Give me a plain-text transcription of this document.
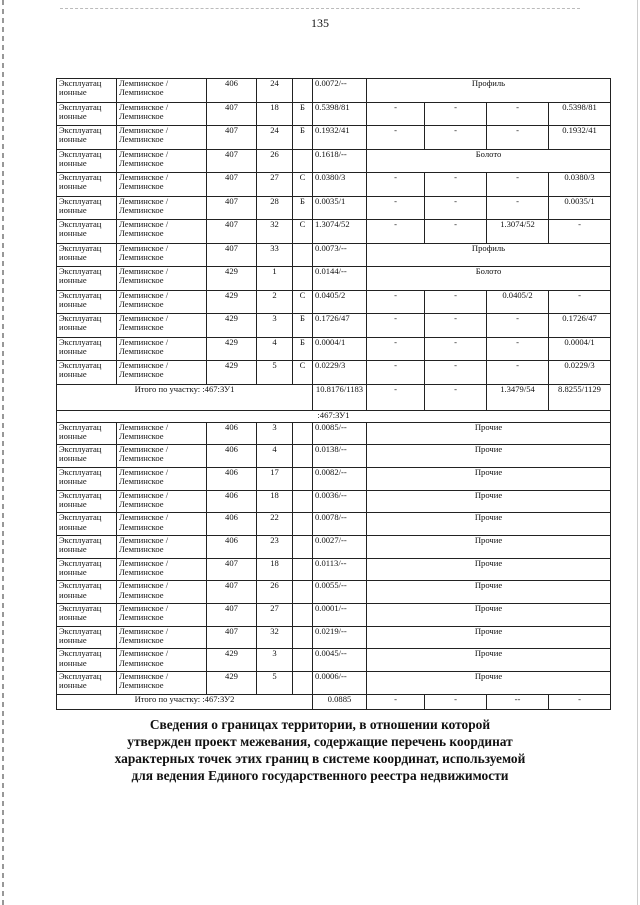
135
Эксплуатац ионные	Лемпинское / Лемпинское	406	24		0.0072/--	Профиль			
Эксплуатац ионные	Лемпинское / Лемпинское	407	18	Б	0.5398/81	-	-	-	0.5398/81
Эксплуатац ионные	Лемпинское / Лемпинское	407	24	Б	0.1932/41	-	-	-	0.1932/41
Эксплуатац ионные	Лемпинское / Лемпинское	407	26		0.1618/--	Болото			
Эксплуатац ионные	Лемпинское / Лемпинское	407	27	С	0.0380/3	-	-	-	0.0380/3
Эксплуатац ионные	Лемпинское / Лемпинское	407	28	Б	0.0035/1	-	-	-	0.0035/1
Эксплуатац ионные	Лемпинское / Лемпинское	407	32	С	1.3074/52	-	-	1.3074/52	-
Эксплуатац ионные	Лемпинское / Лемпинское	407	33		0.0073/--	Профиль			
Эксплуатац ионные	Лемпинское / Лемпинское	429	1		0.0144/--	Болото			
Эксплуатац ионные	Лемпинское / Лемпинское	429	2	С	0.0405/2	-	-	0.0405/2	-
Эксплуатац ионные	Лемпинское / Лемпинское	429	3	Б	0.1726/47	-	-	-	0.1726/47
Эксплуатац ионные	Лемпинское / Лемпинское	429	4	Б	0.0004/1	-	-	-	0.0004/1
Эксплуатац ионные	Лемпинское / Лемпинское	429	5	С	0.0229/3	-	-	-	0.0229/3
Итого по участку: :467:ЗУ1					10.8176/1183	-	-	1.3479/54	8.8255/1129
:467:ЗУ1									
Эксплуатац ионные	Лемпинское / Лемпинское	406	3		0.0085/--	Прочие			
Эксплуатац ионные	Лемпинское / Лемпинское	406	4		0.0138/--	Прочие			
Эксплуатац ионные	Лемпинское / Лемпинское	406	17		0.0082/--	Прочие			
Эксплуатац ионные	Лемпинское / Лемпинское	406	18		0.0036/--	Прочие			
Эксплуатац ионные	Лемпинское / Лемпинское	406	22		0.0078/--	Прочие			
Эксплуатац ионные	Лемпинское / Лемпинское	406	23		0.0027/--	Прочие			
Эксплуатац ионные	Лемпинское / Лемпинское	407	18		0.0113/--	Прочие			
Эксплуатац ионные	Лемпинское / Лемпинское	407	26		0.0055/--	Прочие			
Эксплуатац ионные	Лемпинское / Лемпинское	407	27		0.0001/--	Прочие			
Эксплуатац ионные	Лемпинское / Лемпинское	407	32		0.0219/--	Прочие			
Эксплуатац ионные	Лемпинское / Лемпинское	429	3		0.0045/--	Прочие			
Эксплуатац ионные	Лемпинское / Лемпинское	429	5		0.0006/--	Прочие			
Итого по участку: :467:ЗУ2					0.0885	-	-	--	-
Сведения о границах территории, в отношении которой
утвержден проект межевания, содержащие перечень координат
характерных точек этих границ в системе координат, используемой
для ведения Единого государственного реестра недвижимости
